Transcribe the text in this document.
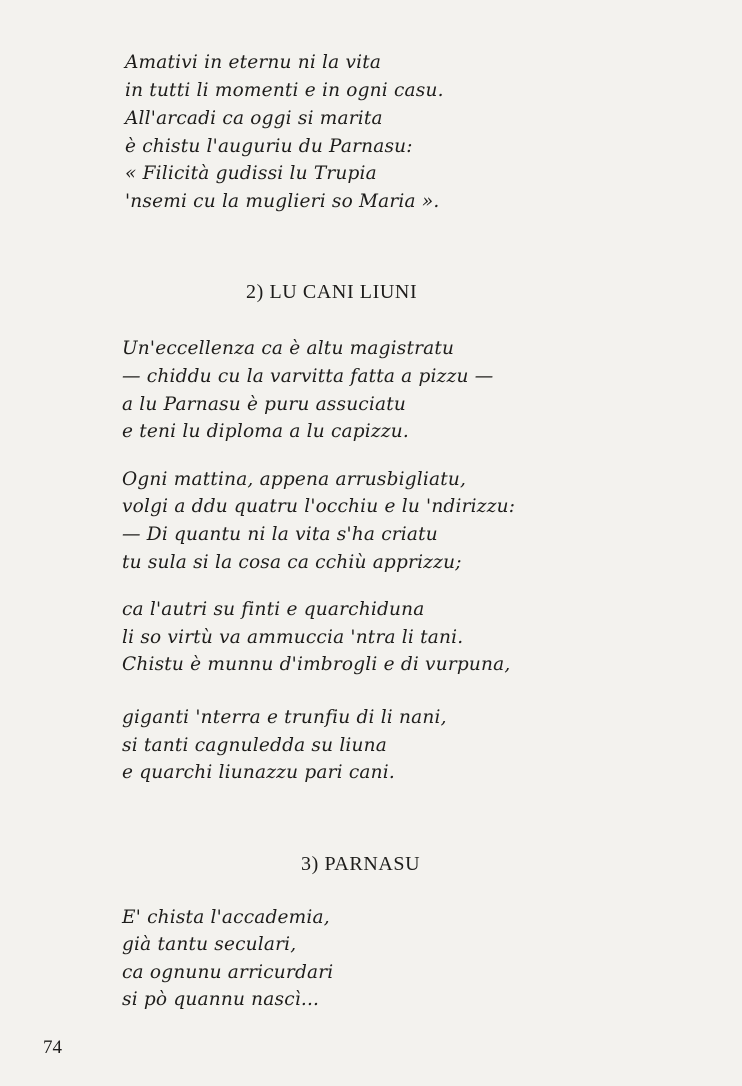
Amativi in eternu ni la vita
in tutti li momenti e in ogni casu.
All'arcadi ca oggi si marita
è chistu l'auguriu du Parnasu:
« Filicità gudissi lu Trupia
'nsemi cu la muglieri so Maria ».
2) LU CANI LIUNI
Un'eccellenza ca è altu magistratu
— chiddu cu la varvitta fatta a pizzu —
a lu Parnasu è puru assuciatu
e teni lu diploma a lu capizzu.
Ogni mattina, appena arrusbigliatu,
volgi a ddu quatru l'occhiu e lu 'ndirizzu:
— Di quantu ni la vita s'ha criatu
tu sula si la cosa ca cchiù apprizzu;
ca l'autri su finti e quarchiduna
li so virtù va ammuccia 'ntra li tani.
Chistu è munnu d'imbrogli e di vurpuna,
giganti 'nterra e trunfiu di li nani,
si tanti cagnuledda su liuna
e quarchi liunazzu pari cani.
3) PARNASU
E' chista l'accademia,
già tantu seculari,
ca ognunu arricurdari
si pò quannu nascì...
74
